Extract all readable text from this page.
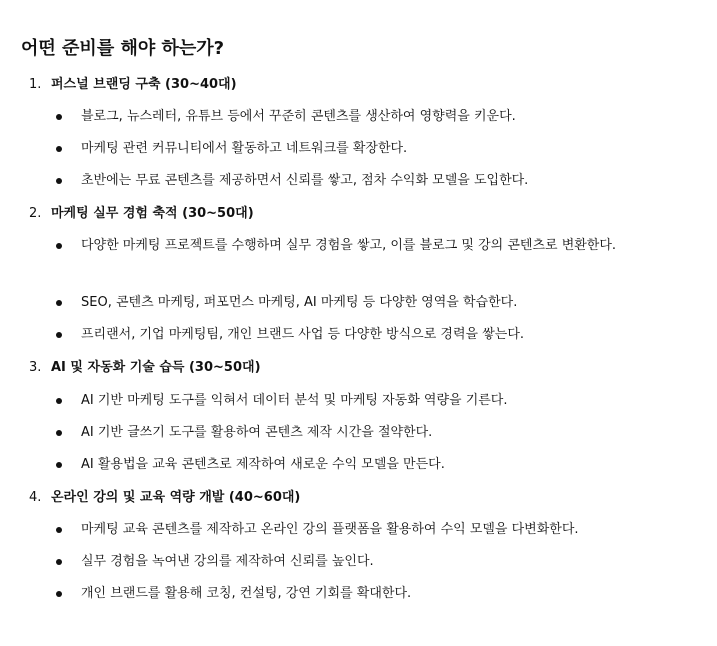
어떤 준비를 해야 하는가?
1. 퍼스널 브랜딩 구축 (30~40대)
블로그, 뉴스레터, 유튜브 등에서 꾸준히 콘텐츠를 생산하여 영향력을 키운다.
마케팅 관련 커뮤니티에서 활동하고 네트워크를 확장한다.
초반에는 무료 콘텐츠를 제공하면서 신뢰를 쌓고, 점차 수익화 모델을 도입한다.
2. 마케팅 실무 경험 축적 (30~50대)
다양한 마케팅 프로젝트를 수행하며 실무 경험을 쌓고, 이를 블로그 및 강의 콘텐츠로 변환한다.
SEO, 콘텐츠 마케팅, 퍼포먼스 마케팅, AI 마케팅 등 다양한 영역을 학습한다.
프리랜서, 기업 마케팅팀, 개인 브랜드 사업 등 다양한 방식으로 경력을 쌓는다.
3. AI 및 자동화 기술 습득 (30~50대)
AI 기반 마케팅 도구를 익혀서 데이터 분석 및 마케팅 자동화 역량을 기른다.
AI 기반 글쓰기 도구를 활용하여 콘텐츠 제작 시간을 절약한다.
AI 활용법을 교육 콘텐츠로 제작하여 새로운 수익 모델을 만든다.
4. 온라인 강의 및 교육 역량 개발 (40~60대)
마케팅 교육 콘텐츠를 제작하고 온라인 강의 플랫폼을 활용하여 수익 모델을 다변화한다.
실무 경험을 녹여낸 강의를 제작하여 신뢰를 높인다.
개인 브랜드를 활용해 코칭, 컨설팅, 강연 기회를 확대한다.
